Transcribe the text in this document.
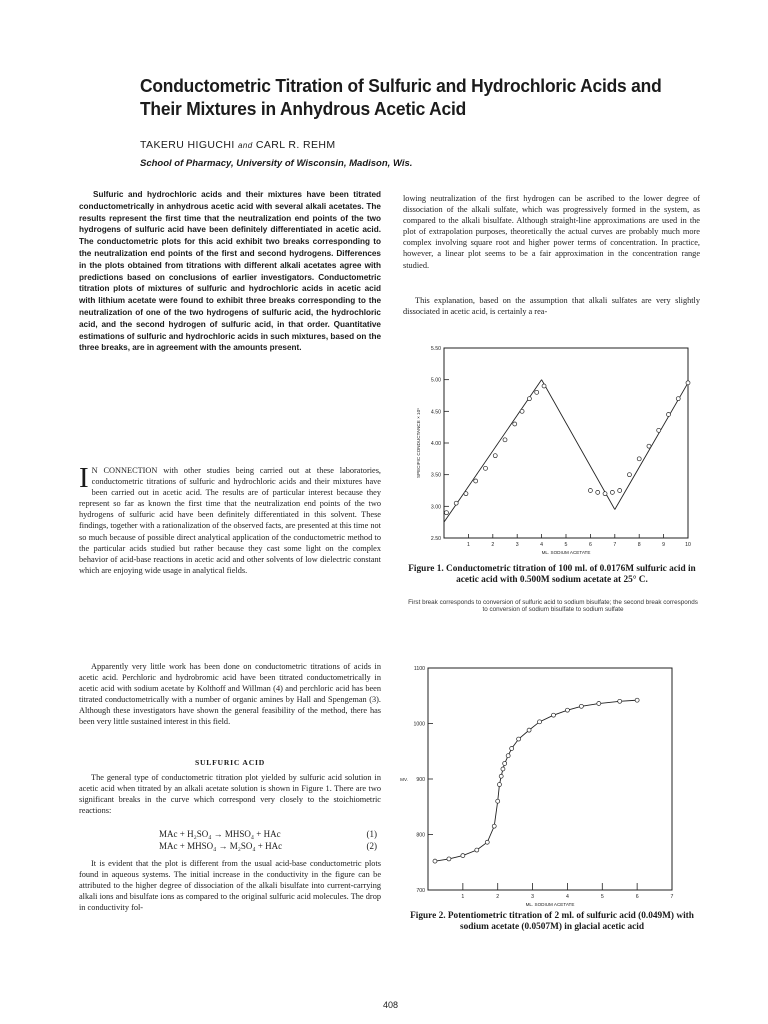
Conductometric Titration of Sulfuric and Hydrochloric Acids and Their Mixtures in Anhydrous Acetic Acid
TAKERU HIGUCHI and CARL R. REHM
School of Pharmacy, University of Wisconsin, Madison, Wis.

Sulfuric and hydrochloric acids and their mixtures have been titrated conductometrically in anhydrous acetic acid with several alkali acetates. The results represent the first time that the neutralization end points of the two hydrogens of sulfuric acid have been definitely differentiated in acetic acid. The conductometric plots for this acid exhibit two breaks corresponding to the neutralization end points of the first and second hydrogens. Differences in the plots obtained from titrations with different alkali acetates agree with predictions based on conclusions of earlier investigators. Conductometric titration plots of mixtures of sulfuric and hydrochloric acids in acetic acid with lithium acetate were found to exhibit three breaks corresponding to the neutralization of one of the two hydrogens of sulfuric acid, the hydrochloric acid, and the second hydrogen of sulfuric acid, in that order. Quantitative estimations of sulfuric and hydrochloric acids in such mixtures, based on the three breaks, are in agreement with the amounts present.

I N CONNECTION with other studies being carried out at these laboratories, conductometric titrations of sulfuric and hydrochloric acids and their mixtures have been carried out in acetic acid. The results are of particular interest because they represent so far as known the first time that the neutralization end points of the two hydrogens of sulfuric acid have been definitely differentiated in this solvent. These findings, together with a rationalization of the observed facts, are presented at this time not so much because of possible direct analytical application of the conductometric method to the particular acids studied but rather because they cast some light on the complex behavior of acid-base reactions in acetic acid and other solvents of low dielectric constant which are enjoying wide usage in analytical fields.

Apparently very little work has been done on conductometric titrations of acids in acetic acid. Perchloric and hydrobromic acid have been titrated conductometrically in acetic acid with sodium acetate by Kolthoff and Willman (4) and perchloric acid has been titrated conductometrically with a number of organic amines by Hall and Spengeman (3). Although these investigators have shown the general feasibility of the method, there has been very little sustained interest in this field.

SULFURIC ACID

The general type of conductometric titration plot yielded by sulfuric acid solution in acetic acid when titrated by an alkali acetate solution is shown in Figure 1. There are two significant breaks in the curve which correspond very closely to the stoichiometric reactions:

MAc + H₂SO₄ → MHSO₄ + HAc	(1)
MAc + MHSO₄ → M₂SO₄ + HAc	(2)

It is evident that the plot is different from the usual acid-base conductometric plots found in aqueous systems. The initial increase in the conductivity in the figure can be attributed to the higher degree of dissociation of the alkali bisulfate into current-carrying alkali ions and bisulfate ions as compared to the original sulfuric acid molecules. The drop in conductivity fol-

lowing neutralization of the first hydrogen can be ascribed to the lower degree of dissociation of the alkali sulfate, which was progressively formed in the system, as compared to the alkali bisulfate. Although straight-line approximations are used in the plot of extrapolation purposes, theoretically the actual curves are probably much more complex involving square root and higher power terms of concentration. In practice, however, a linear plot seems to be a fair approximation in the concentration range studied.

This explanation, based on the assumption that alkali sulfates are very slightly dissociated in acetic acid, is certainly a rea-

2.50
3.00
3.50
4.00
4.50
5.00
5.50
1	2	3	4	5	6	7	8	9	10
ML. SODIUM ACETATE
SPECIFIC CONDUCTANCE × 10⁶
Figure 1. Conductometric titration of 100 ml. of 0.0176M sulfuric acid in acetic acid with 0.500M sodium acetate at 25° C.
First break corresponds to conversion of sulfuric acid to sodium bisulfate; the second break corresponds to conversion of sodium bisulfate to sodium sulfate
700
800
900
1000
1100
1	2	3	4	5	6	7
ML. SODIUM ACETATE
MV.
Figure 2. Potentiometric titration of 2 ml. of sulfuric acid (0.049M) with sodium acetate (0.0507M) in glacial acetic acid
408
